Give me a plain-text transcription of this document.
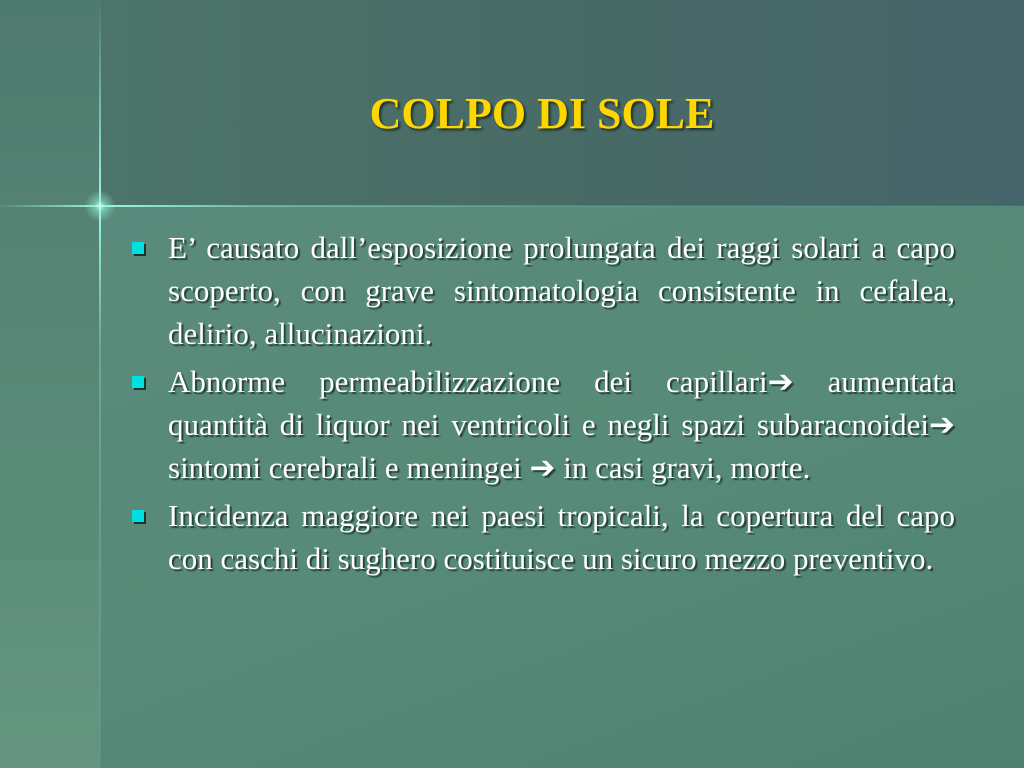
COLPO DI SOLE
E’ causato dall’esposizione prolungata dei raggi solari a capo scoperto, con grave sintomatologia consistente in cefalea, delirio, allucinazioni.
Abnorme permeabilizzazione dei capillari➔ aumentata quantità di liquor nei ventricoli e negli spazi subaracnoidei➔ sintomi cerebrali e meningei ➔ in casi gravi, morte.
Incidenza maggiore nei paesi tropicali, la copertura del capo con caschi di sughero costituisce un sicuro mezzo preventivo.
